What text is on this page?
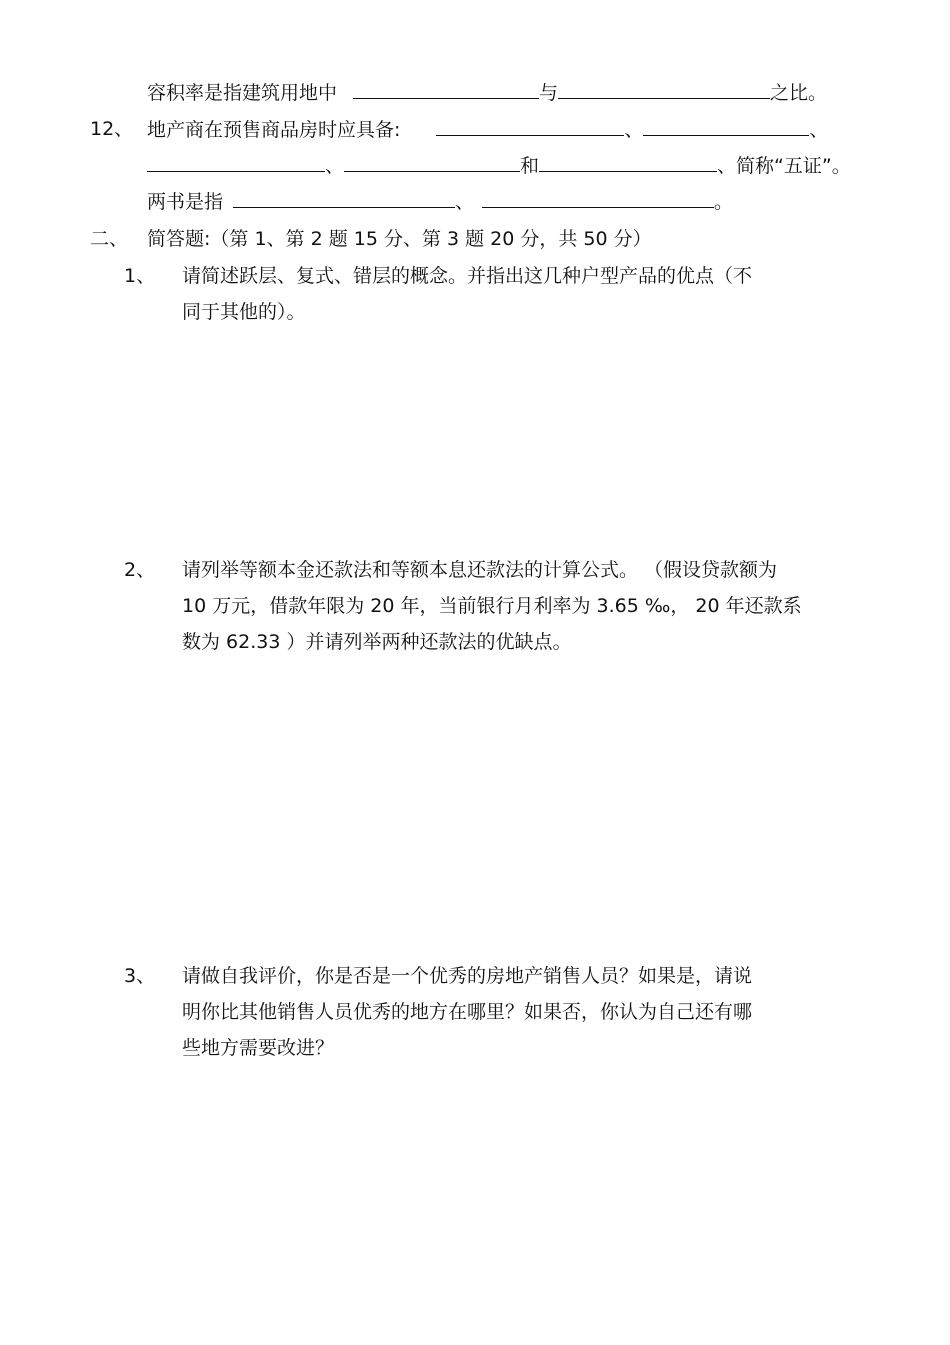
容积率是指建筑用地中	与	之比。
12、 地产商在预售商品房时应具备:	、	、
、	和	、简称“五证”。
两书是指	、	。
二、 简答题:（第 1、第 2 题 15 分、第 3 题 20 分，共 50 分）
1、 请简述跃层、复式、错层的概念。并指出这几种户型产品的优点（不
同于其他的）。
2、 请列举等额本金还款法和等额本息还款法的计算公式。 （假设贷款额为
10 万元，借款年限为 20 年，当前银行月利率为 3.65 ‰， 20 年还款系
数为 62.33 ）并请列举两种还款法的优缺点。
3、 请做自我评价，你是否是一个优秀的房地产销售人员？如果是，请说
明你比其他销售人员优秀的地方在哪里？如果否，你认为自己还有哪
些地方需要改进？
